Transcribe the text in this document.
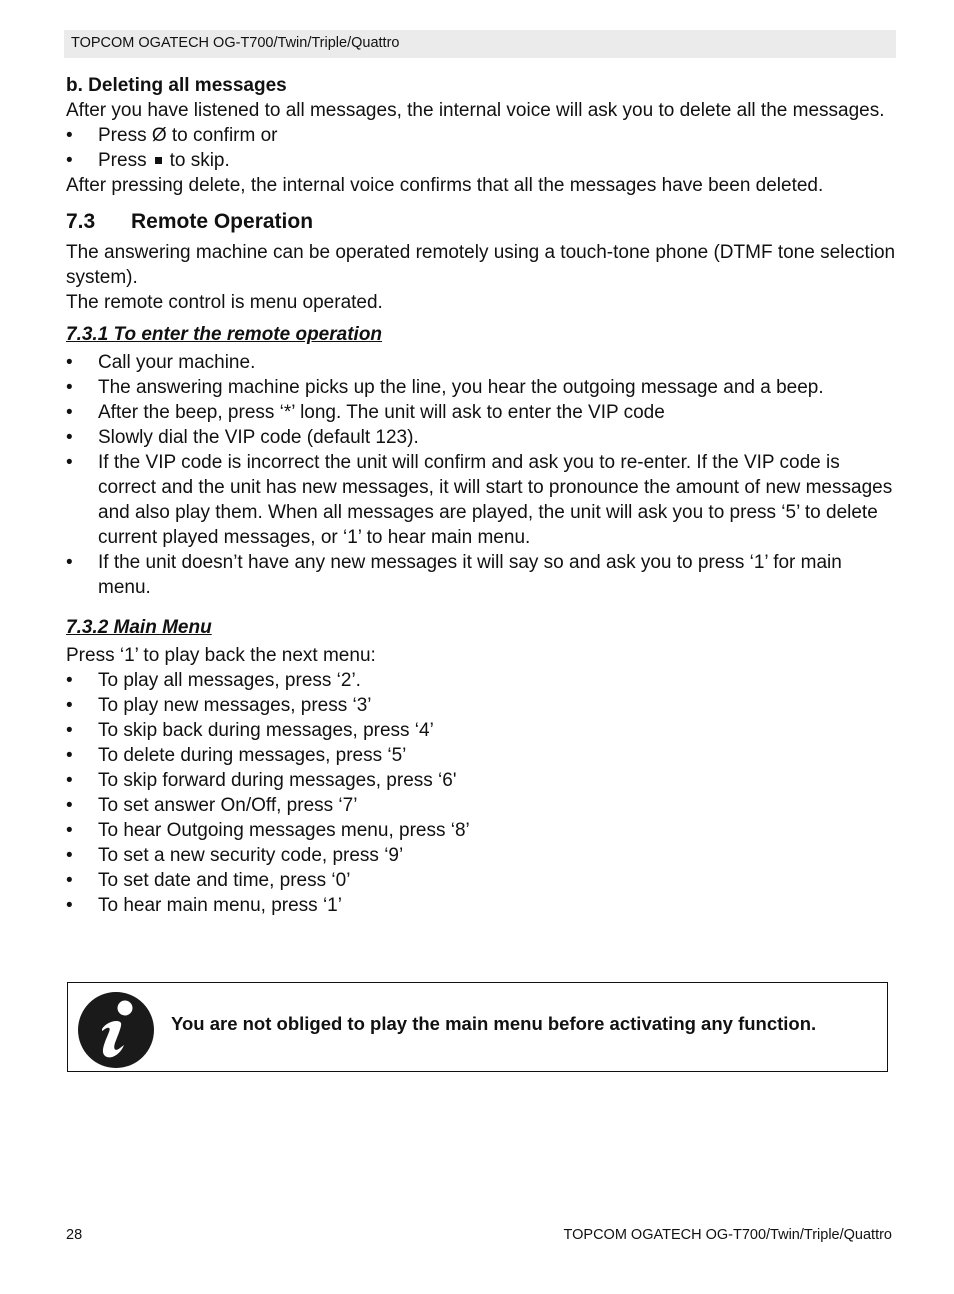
TOPCOM OGATECH OG-T700/Twin/Triple/Quattro

b. Deleting all messages

After you have listened to all messages, the internal voice will ask you to delete all the messages.

• Press Ø to confirm or
• Press to skip.

After pressing delete, the internal voice confirms that all the messages have been deleted.

7.3 Remote Operation

The answering machine can be operated remotely using a touch-tone phone (DTMF tone selection system).

The remote control is menu operated.

7.3.1 To enter the remote operation
• Call your machine.
• The answering machine picks up the line, you hear the outgoing message and a beep.
• After the beep, press ‘*’ long. The unit will ask to enter the VIP code
• Slowly dial the VIP code (default 123).
• If the VIP code is incorrect the unit will confirm and ask you to re-enter. If the VIP code is correct and the unit has new messages, it will start to pronounce the amount of new messages and also play them. When all messages are played, the unit will ask you to press ‘5’ to delete current played messages, or ‘1’ to hear main menu.
• If the unit doesn’t have any new messages it will say so and ask you to press ‘1’ for main menu.
7.3.2 Main Menu

Press ‘1’ to play back the next menu:

• To play all messages, press ‘2’.
• To play new messages, press ‘3’
• To skip back during messages, press ‘4’
• To delete during messages, press ‘5’
• To skip forward during messages, press ‘6'
• To set answer On/Off, press ‘7’
• To hear Outgoing messages menu, press ‘8’
• To set a new security code, press ‘9’
• To set date and time, press ‘0’
• To hear main menu, press ‘1’
You are not obliged to play the main menu before activating any function.
28	TOPCOM OGATECH OG-T700/Twin/Triple/Quattro
